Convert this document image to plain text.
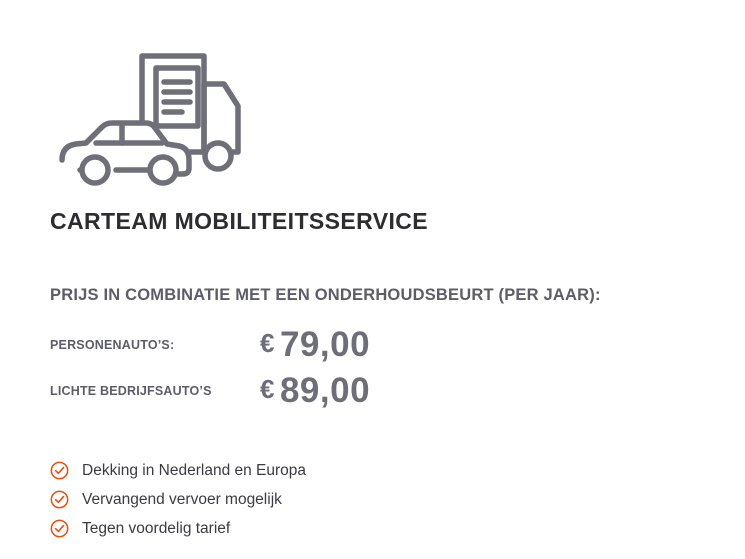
CARTEAM MOBILITEITSSERVICE
PRIJS IN COMBINATIE MET EEN ONDERHOUDSBEURT (PER JAAR):
PERSONENAUTO’S:	€ 79,00
LICHTE BEDRIJFSAUTO’S	€ 89,00
Dekking in Nederland en Europa
Vervangend vervoer mogelijk
Tegen voordelig tarief
